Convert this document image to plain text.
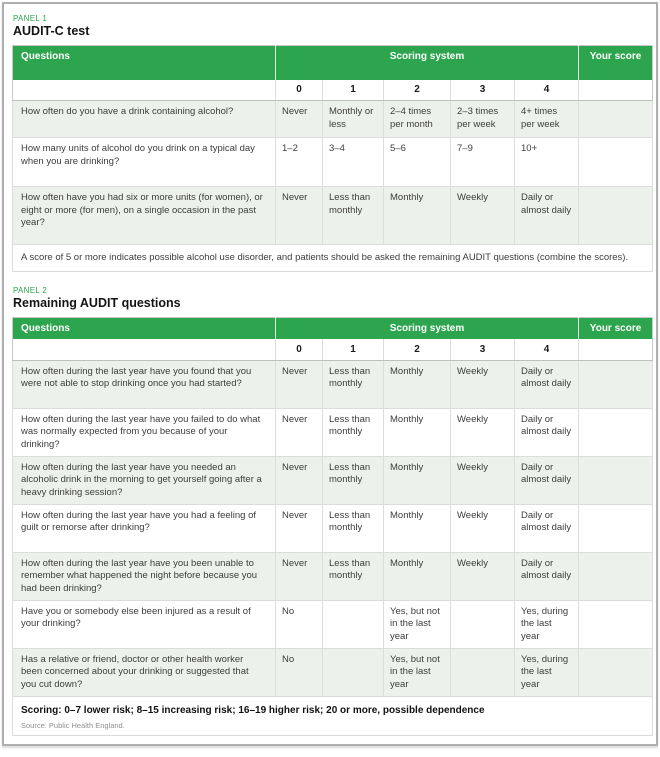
PANEL 1
AUDIT-C test
Questions	Scoring system					Your score
	0	1	2	3	4	
How often do you have a drink containing alcohol?	Never	Monthly or less	2–4 times per month	2–3 times per week	4+ times per week	
How many units of alcohol do you drink on a typical day when you are drinking?	1–2	3–4	5–6	7–9	10+	
How often have you had six or more units (for women), or eight or more (for men), on a single occasion in the past year?	Never	Less than monthly	Monthly	Weekly	Daily or almost daily	
A score of 5 or more indicates possible alcohol use disorder, and patients should be asked the remaining AUDIT questions (combine the scores).						
PANEL 2
Remaining AUDIT questions
Questions	Scoring system					Your score
	0	1	2	3	4	
How often during the last year have you found that you were not able to stop drinking once you had started?	Never	Less than monthly	Monthly	Weekly	Daily or almost daily	
How often during the last year have you failed to do what was normally expected from you because of your drinking?	Never	Less than monthly	Monthly	Weekly	Daily or almost daily	
How often during the last year have you needed an alcoholic drink in the morning to get yourself going after a heavy drinking session?	Never	Less than monthly	Monthly	Weekly	Daily or almost daily	
How often during the last year have you had a feeling of guilt or remorse after drinking?	Never	Less than monthly	Monthly	Weekly	Daily or almost daily	
How often during the last year have you been unable to remember what happened the night before because you had been drinking?	Never	Less than monthly	Monthly	Weekly	Daily or almost daily	
Have you or somebody else been injured as a result of your drinking?	No		Yes, but not in the last year		Yes, during the last year	
Has a relative or friend, doctor or other health worker been concerned about your drinking or suggested that you cut down?	No		Yes, but not in the last year		Yes, during the last year	

Scoring: 0–7 lower risk; 8–15 increasing risk; 16–19 higher risk; 20 or more, possible dependence
Source: Public Health England.						
